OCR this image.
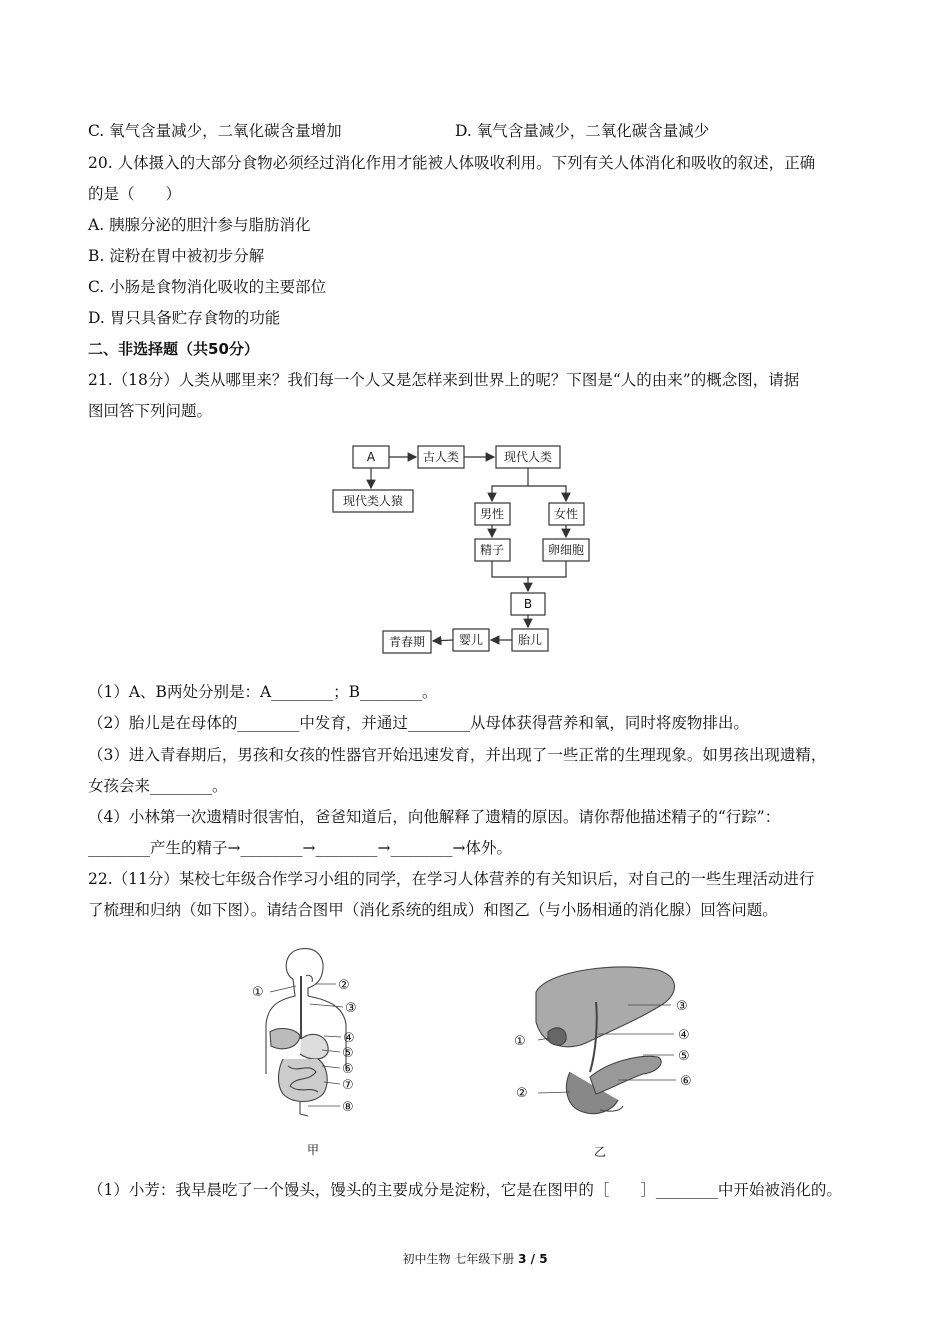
C. 氧气含量减少，二氧化碳含量增加	D. 氧气含量减少，二氧化碳含量减少
20. 人体摄入的大部分食物必须经过消化作用才能被人体吸收利用。下列有关人体消化和吸收的叙述，正确
的是（　　）
A. 胰腺分泌的胆汁参与脂肪消化
B. 淀粉在胃中被初步分解
C. 小肠是食物消化吸收的主要部位
D. 胃只具备贮存食物的功能
二、非选择题（共50分）
21.（18分）人类从哪里来？我们每一个人又是怎样来到世界上的呢？下图是“人的由来”的概念图，请据
图回答下列问题。
A	古人类	现代人类
现代类人猿
男性	女性
精子	卵细胞
B
胎儿
婴儿
青春期
（1）A、B两处分别是：A________；B________。
（2）胎儿是在母体的________中发育，并通过________从母体获得营养和氧，同时将废物排出。
（3）进入青春期后，男孩和女孩的性器官开始迅速发育，并出现了一些正常的生理现象。如男孩出现遗精，
女孩会来________。
（4）小林第一次遗精时很害怕，爸爸知道后，向他解释了遗精的原因。请你帮他描述精子的“行踪”：
________产生的精子→________→________→________→体外。
22.（11分）某校七年级合作学习小组的同学，在学习人体营养的有关知识后，对自己的一些生理活动进行
了梳理和归纳（如下图）。请结合图甲（消化系统的组成）和图乙（与小肠相通的消化腺）回答问题。
①	②
③
④
⑤
⑥
⑦
⑧
甲
③
①	④
⑤
②
⑥
乙
（1）小芳：我早晨吃了一个馒头，馒头的主要成分是淀粉，它是在图甲的［　　］________中开始被消化的。
初中生物 七年级下册 3 / 5
